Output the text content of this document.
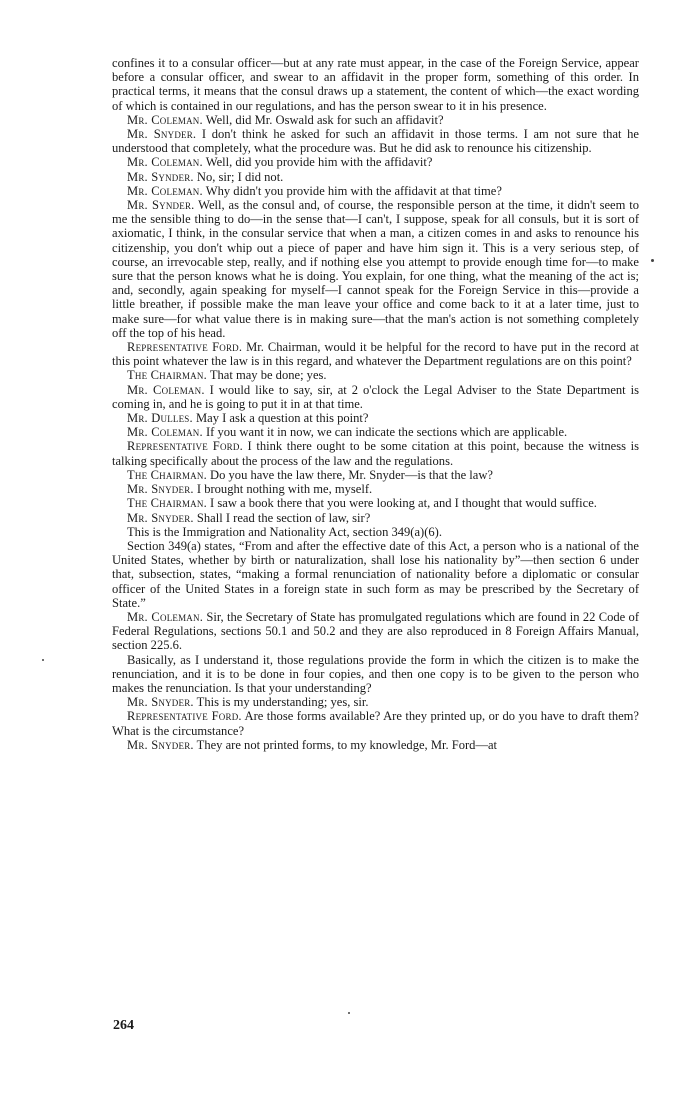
confines it to a consular officer—but at any rate must appear, in the case of the Foreign Service, appear before a consular officer, and swear to an affidavit in the proper form, something of this order. In practical terms, it means that the consul draws up a statement, the content of which—the exact wording of which is contained in our regulations, and has the person swear to it in his presence.

Mr. Coleman. Well, did Mr. Oswald ask for such an affidavit?

Mr. Snyder. I don't think he asked for such an affidavit in those terms. I am not sure that he understood that completely, what the procedure was. But he did ask to renounce his citizenship.

Mr. Coleman. Well, did you provide him with the affidavit?

Mr. Synder. No, sir; I did not.

Mr. Coleman. Why didn't you provide him with the affidavit at that time?

Mr. Synder. Well, as the consul and, of course, the responsible person at the time, it didn't seem to me the sensible thing to do—in the sense that—I can't, I suppose, speak for all consuls, but it is sort of axiomatic, I think, in the consular service that when a man, a citizen comes in and asks to renounce his citizenship, you don't whip out a piece of paper and have him sign it. This is a very serious step, of course, an irrevocable step, really, and if nothing else you attempt to provide enough time for—to make sure that the person knows what he is doing. You explain, for one thing, what the meaning of the act is; and, secondly, again speaking for myself—I cannot speak for the Foreign Service in this—provide a little breather, if possible make the man leave your office and come back to it at a later time, just to make sure—for what value there is in making sure—that the man's action is not something completely off the top of his head.

Representative Ford. Mr. Chairman, would it be helpful for the record to have put in the record at this point whatever the law is in this regard, and whatever the Department regulations are on this point?

The Chairman. That may be done; yes.

Mr. Coleman. I would like to say, sir, at 2 o'clock the Legal Adviser to the State Department is coming in, and he is going to put it in at that time.

Mr. Dulles. May I ask a question at this point?

Mr. Coleman. If you want it in now, we can indicate the sections which are applicable.

Representative Ford. I think there ought to be some citation at this point, because the witness is talking specifically about the process of the law and the regulations.

The Chairman. Do you have the law there, Mr. Snyder—is that the law?

Mr. Snyder. I brought nothing with me, myself.

The Chairman. I saw a book there that you were looking at, and I thought that would suffice.

Mr. Snyder. Shall I read the section of law, sir?

This is the Immigration and Nationality Act, section 349(a)(6).

Section 349(a) states, “From and after the effective date of this Act, a person who is a national of the United States, whether by birth or naturalization, shall lose his nationality by”—then section 6 under that, subsection, states, “making a formal renunciation of nationality before a diplomatic or consular officer of the United States in a foreign state in such form as may be prescribed by the Secretary of State.”

Mr. Coleman. Sir, the Secretary of State has promulgated regulations which are found in 22 Code of Federal Regulations, sections 50.1 and 50.2 and they are also reproduced in 8 Foreign Affairs Manual, section 225.6.

Basically, as I understand it, those regulations provide the form in which the citizen is to make the renunciation, and it is to be done in four copies, and then one copy is to be given to the person who makes the renunciation. Is that your understanding?

Mr. Snyder. This is my understanding; yes, sir.

Representative Ford. Are those forms available? Are they printed up, or do you have to draft them? What is the circumstance?

Mr. Snyder. They are not printed forms, to my knowledge, Mr. Ford—at

264
